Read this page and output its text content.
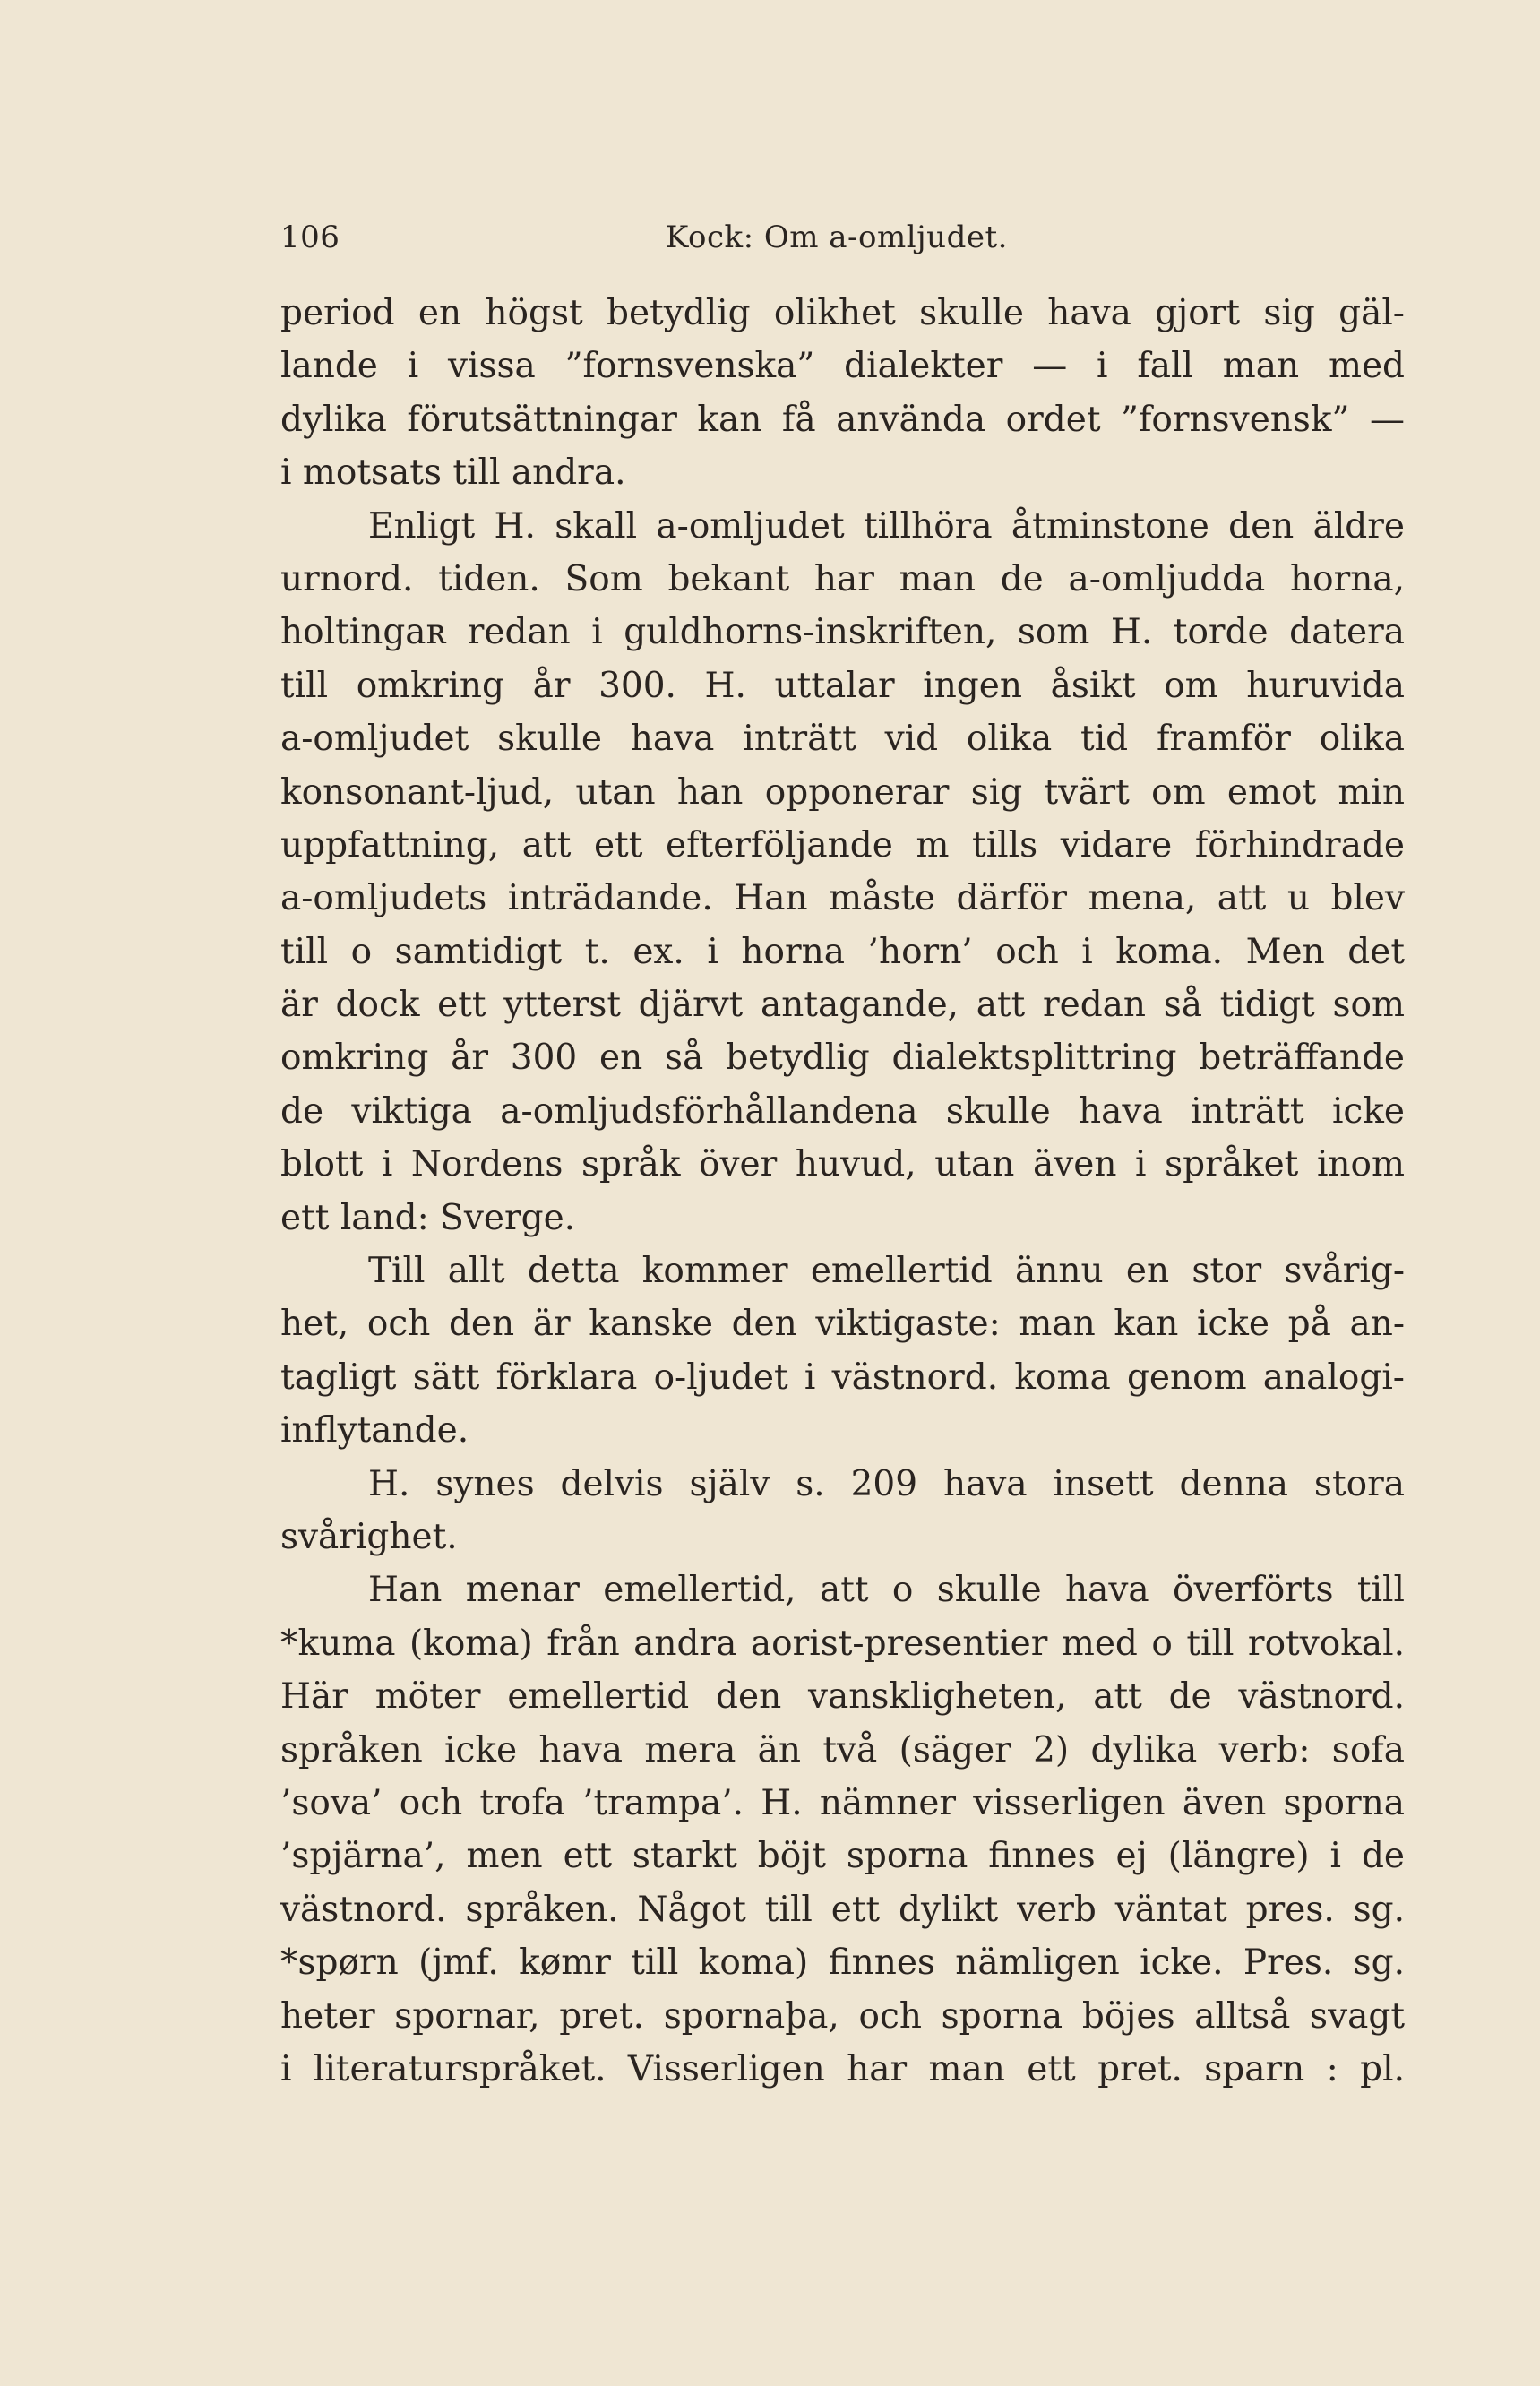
106	Kock: Om a-omljudet.
period en högst betydlig olikhet skulle hava gjort sig gäl-
lande i vissa ”fornsvenska” dialekter — i fall man med
dylika förutsättningar kan få använda ordet ”fornsvensk” —
i motsats till andra.
Enligt H. skall a-omljudet tillhöra åtminstone den äldre
urnord. tiden. Som bekant har man de a-omljudda horna,
holtingaʀ redan i guldhorns-inskriften, som H. torde datera
till omkring år 300. H. uttalar ingen åsikt om huruvida
a-omljudet skulle hava inträtt vid olika tid framför olika
konsonant-ljud, utan han opponerar sig tvärt om emot min
uppfattning, att ett efterföljande m tills vidare förhindrade
a-omljudets inträdande. Han måste därför mena, att u blev
till o samtidigt t. ex. i horna ’horn’ och i koma. Men det
är dock ett ytterst djärvt antagande, att redan så tidigt som
omkring år 300 en så betydlig dialektsplittring beträffande
de viktiga a-omljudsförhållandena skulle hava inträtt icke
blott i Nordens språk över huvud, utan även i språket inom
ett land: Sverge.
Till allt detta kommer emellertid ännu en stor svårig-
het, och den är kanske den viktigaste: man kan icke på an-
tagligt sätt förklara o-ljudet i västnord. koma genom analogi-
inflytande.
H. synes delvis själv s. 209 hava insett denna stora
svårighet.
Han menar emellertid, att o skulle hava överförts till
*kuma (koma) från andra aorist-presentier med o till rotvokal.
Här möter emellertid den vanskligheten, att de västnord.
språken icke hava mera än två (säger 2) dylika verb: sofa
’sova’ och trofa ’trampa’. H. nämner visserligen även sporna
’spjärna’, men ett starkt böjt sporna finnes ej (längre) i de
västnord. språken. Något till ett dylikt verb väntat pres. sg.
*spørn (jmf. kømr till koma) finnes nämligen icke. Pres. sg.
heter spornar, pret. spornaþa, och sporna böjes alltså svagt
i literaturspråket. Visserligen har man ett pret. sparn : pl.
